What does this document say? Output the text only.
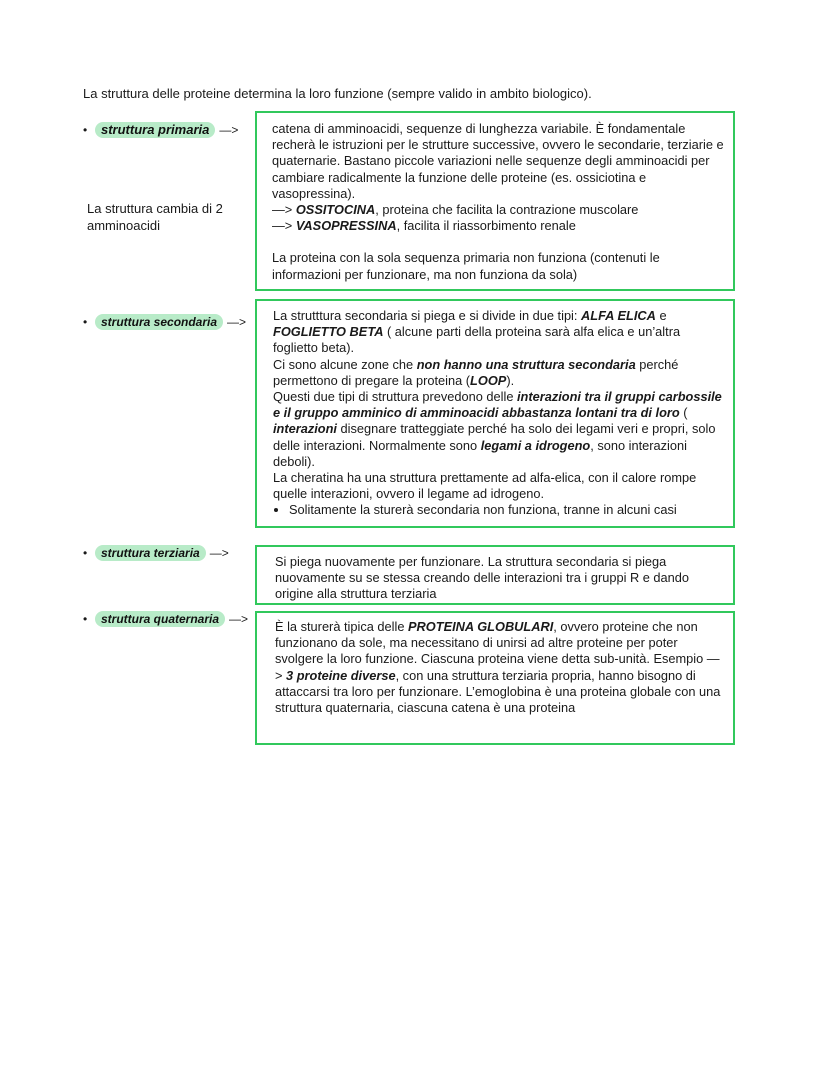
La struttura delle proteine determina la loro funzione (sempre valido in ambito biologico).
• struttura primaria —>
La struttura cambia di 2 amminoacidi

catena di amminoacidi, sequenze di lunghezza variabile. È fondamentale recherà le istruzioni per le strutture successive, ovvero le secondarie, terziarie e quaternarie. Bastano piccole variazioni nelle sequenze degli amminoacidi per cambiare radicalmente la funzione delle proteine (es. ossiciotina e vasopressina).

—> OSSITOCINA, proteina che facilita la contrazione muscolare

—> VASOPRESSINA, facilita il riassorbimento renale

La proteina con la sola sequenza primaria non funziona (contenuti le informazioni per funzionare, ma non funziona da sola)

• struttura secondaria —> La strutttura secondaria si piega e si divide in due tipi: ALFA ELICA e FOGLIETTO BETA ( alcune parti della proteina sarà alfa elica e un’altra foglietto beta).

Ci sono alcune zone che non hanno una struttura secondaria perché permettono di pregare la proteina (LOOP).

Questi due tipi di struttura prevedono delle interazioni tra il gruppi carbossile e il gruppo amminico di amminoacidi abbastanza lontani tra di loro ( interazioni disegnare tratteggiate perché ha solo dei legami veri e propri, solo delle interazioni. Normalmente sono legami a idrogeno, sono interazioni deboli).

La cheratina ha una struttura prettamente ad alfa-elica, con il calore rompe quelle interazioni, ovvero il legame ad idrogeno.

• Solitamente la sturerà secondaria non funziona, tranne in alcuni casi
• struttura terziaria —>

Si piega nuovamente per funzionare. La struttura secondaria si piega nuovamente su se stessa creando delle interazioni tra i gruppi R e dando origine alla struttura terziaria

• struttura quaternaria —> È la sturerà tipica delle PROTEINA GLOBULARI, ovvero proteine che non funzionano da sole, ma necessitano di unirsi ad altre proteine per poter svolgere la loro funzione. Ciascuna proteina viene detta sub-unità. Esempio —> 3 proteine diverse, con una struttura terziaria propria, hanno bisogno di attaccarsi tra loro per funzionare. L’emoglobina è una proteina globale con una struttura quaternaria, ciascuna catena è una proteina
